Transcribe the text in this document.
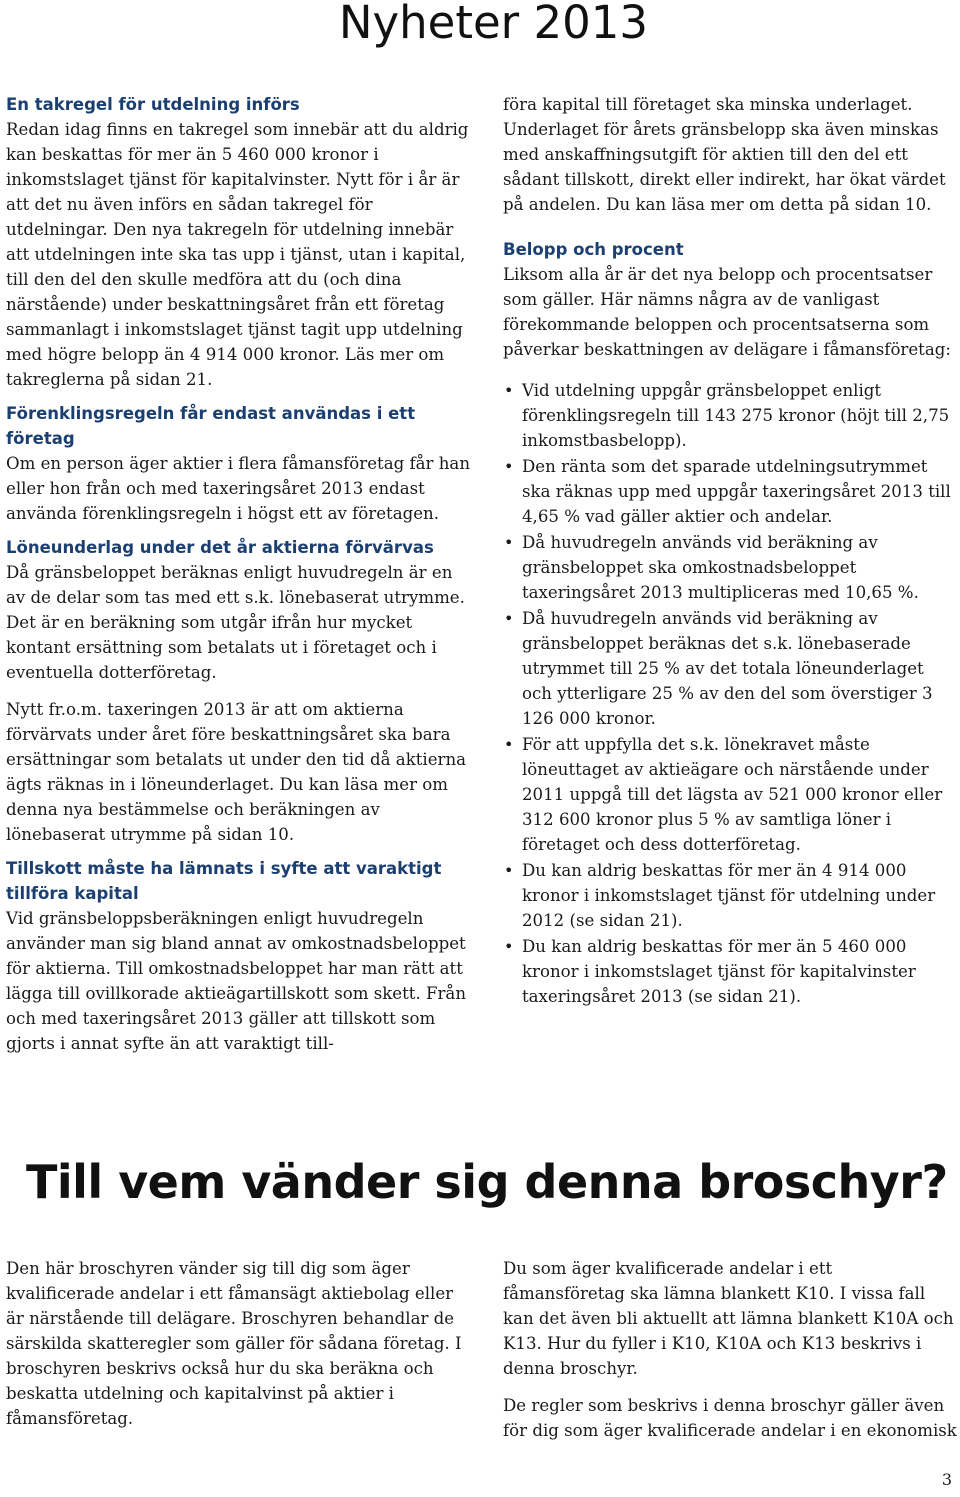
Nyheter 2013
En takregel för utdelning införs

Redan idag finns en takregel som innebär att du aldrig kan beskattas för mer än 5 460 000 kronor i inkomstslaget tjänst för kapitalvinster. Nytt för i år är att det nu även införs en sådan takregel för utdelningar. Den nya takregeln för utdelning innebär att utdelningen inte ska tas upp i tjänst, utan i kapital, till den del den skulle medföra att du (och dina närstående) under beskattningsåret från ett företag sammanlagt i inkomstslaget tjänst tagit upp utdelning med högre belopp än 4 914 000 kronor. Läs mer om takreglerna på sidan 21.

Förenklingsregeln får endast användas i ett företag

Om en person äger aktier i flera fåmansföretag får han eller hon från och med taxeringsåret 2013 endast använda förenklingsregeln i högst ett av företagen.

Löneunderlag under det år aktierna förvärvas

Då gränsbeloppet beräknas enligt huvudregeln är en av de delar som tas med ett s.k. lönebaserat utrymme. Det är en beräkning som utgår ifrån hur mycket kontant ersättning som betalats ut i företaget och i eventuella dotterföretag.

Nytt fr.o.m. taxeringen 2013 är att om aktierna förvärvats under året före beskattningsåret ska bara ersättningar som betalats ut under den tid då aktierna ägts räknas in i löneunderlaget. Du kan läsa mer om denna nya bestämmelse och beräkningen av lönebaserat utrymme på sidan 10.

Tillskott måste ha lämnats i syfte att varaktigt tillföra kapital

Vid gränsbeloppsberäkningen enligt huvudregeln använder man sig bland annat av omkostnadsbeloppet för aktierna. Till omkostnadsbeloppet har man rätt att lägga till ovillkorade aktieägartillskott som skett. Från och med taxeringsåret 2013 gäller att tillskott som gjorts i annat syfte än att varaktigt till-

föra kapital till företaget ska minska underlaget. Underlaget för årets gränsbelopp ska även minskas med anskaffningsutgift för aktien till den del ett sådant tillskott, direkt eller indirekt, har ökat värdet på andelen. Du kan läsa mer om detta på sidan 10.

Belopp och procent

Liksom alla år är det nya belopp och procentsatser som gäller. Här nämns några av de vanligast förekommande beloppen och procentsatserna som påverkar beskattningen av delägare i fåmansföretag:

• Vid utdelning uppgår gränsbeloppet enligt förenklingsregeln till 143 275 kronor (höjt till 2,75 inkomstbasbelopp).
• Den ränta som det sparade utdelningsutrymmet ska räknas upp med uppgår taxeringsåret 2013 till 4,65 % vad gäller aktier och andelar.
• Då huvudregeln används vid beräkning av gränsbeloppet ska omkostnadsbeloppet taxeringsåret 2013 multipliceras med 10,65 %.
• Då huvudregeln används vid beräkning av gränsbeloppet beräknas det s.k. lönebaserade utrymmet till 25 % av det totala löneunderlaget och ytterligare 25 % av den del som överstiger 3 126 000 kronor.
• För att uppfylla det s.k. lönekravet måste löneuttaget av aktieägare och närstående under 2011 uppgå till det lägsta av 521 000 kronor eller 312 600 kronor plus 5 % av samtliga löner i företaget och dess dotterföretag.
• Du kan aldrig beskattas för mer än 4 914 000 kronor i inkomstslaget tjänst för utdelning under 2012 (se sidan 21).
• Du kan aldrig beskattas för mer än 5 460 000 kronor i inkomstslaget tjänst för kapitalvinster taxeringsåret 2013 (se sidan 21).
Till vem vänder sig denna broschyr?

Den här broschyren vänder sig till dig som äger kvalificerade andelar i ett fåmansägt aktiebolag eller är närstående till delägare. Broschyren behandlar de särskilda skatteregler som gäller för sådana företag. I broschyren beskrivs också hur du ska beräkna och beskatta utdelning och kapitalvinst på aktier i fåmansföretag.

Du som äger kvalificerade andelar i ett fåmansföretag ska lämna blankett K10. I vissa fall kan det även bli aktuellt att lämna blankett K10A och K13. Hur du fyller i K10, K10A och K13 beskrivs i denna broschyr.

De regler som beskrivs i denna broschyr gäller även för dig som äger kvalificerade andelar i en ekonomisk

3
